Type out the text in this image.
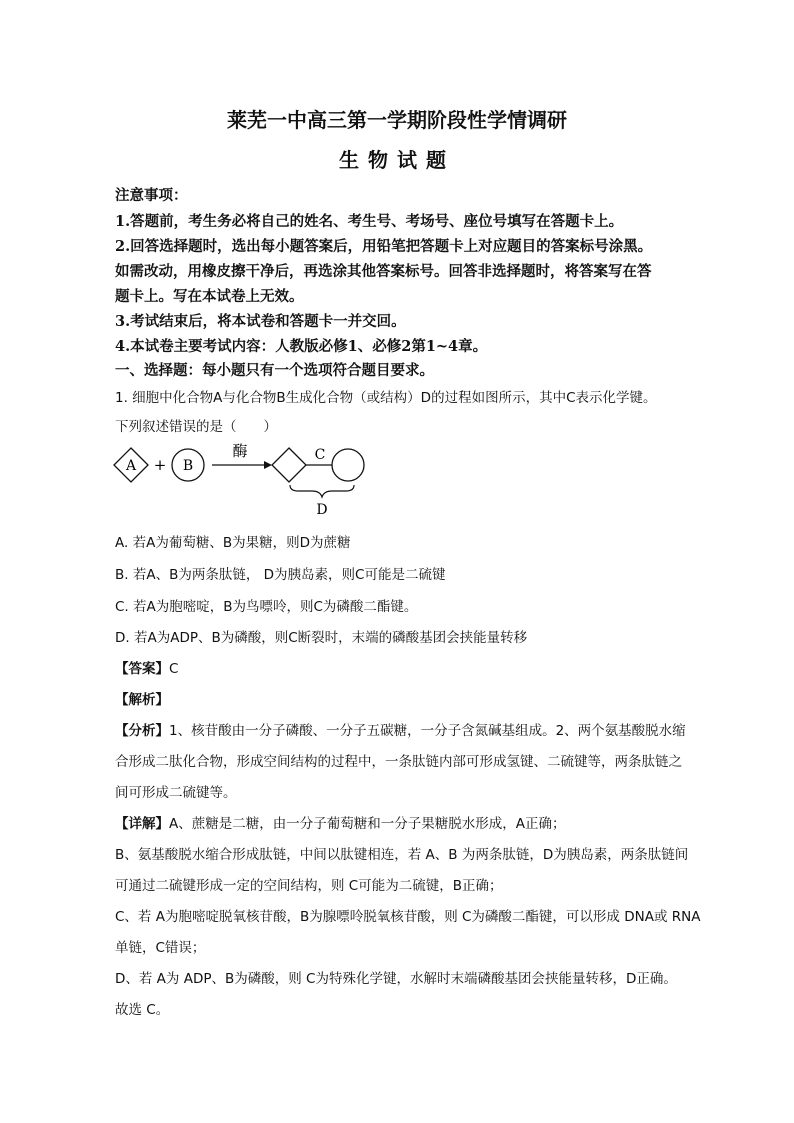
莱芜一中高三第一学期阶段性学情调研
生物试题
注意事项：
1.答题前，考生务必将自己的姓名、考生号、考场号、座位号填写在答题卡上。
2.回答选择题时，选出每小题答案后，用铅笔把答题卡上对应题目的答案标号涂黑。
如需改动，用橡皮擦干净后，再选涂其他答案标号。回答非选择题时，将答案写在答
题卡上。写在本试卷上无效。
3.考试结束后，将本试卷和答题卡一并交回。
4.本试卷主要考试内容：人教版必修1、必修2第1~4章。
一、选择题：每小题只有一个选项符合题目要求。
1. 细胞中化合物A与化合物B生成化合物（或结构）D的过程如图所示，其中C表示化学键。
下列叙述错误的是（　　）
A + B
酶	C
D
A. 若A为葡萄糖、B为果糖，则D为蔗糖
B. 若A、B为两条肽链， D为胰岛素，则C可能是二硫键
C. 若A为胞嘧啶，B为鸟嘌呤，则C为磷酸二酯键。
D. 若A为ADP、B为磷酸，则C断裂时，末端的磷酸基团会挟能量转移
【答案】C
【解析】
【分析】1、核苷酸由一分子磷酸、一分子五碳糖，一分子含氮碱基组成。2、两个氨基酸脱水缩
合形成二肽化合物，形成空间结构的过程中，一条肽链内部可形成氢键、二硫键等，两条肽链之
间可形成二硫键等。
【详解】A、蔗糖是二糖，由一分子葡萄糖和一分子果糖脱水形成，A正确；
B、氨基酸脱水缩合形成肽链，中间以肽键相连，若 A、B 为两条肽链，D为胰岛素，两条肽链间
可通过二硫键形成一定的空间结构，则 C可能为二硫键，B正确；
C、若 A为胞嘧啶脱氧核苷酸，B为腺嘌呤脱氧核苷酸，则 C为磷酸二酯键，可以形成 DNA或 RNA
单链，C错误；
D、若 A为 ADP、B为磷酸，则 C为特殊化学键，水解时末端磷酸基团会挟能量转移，D正确。
故选 C。
